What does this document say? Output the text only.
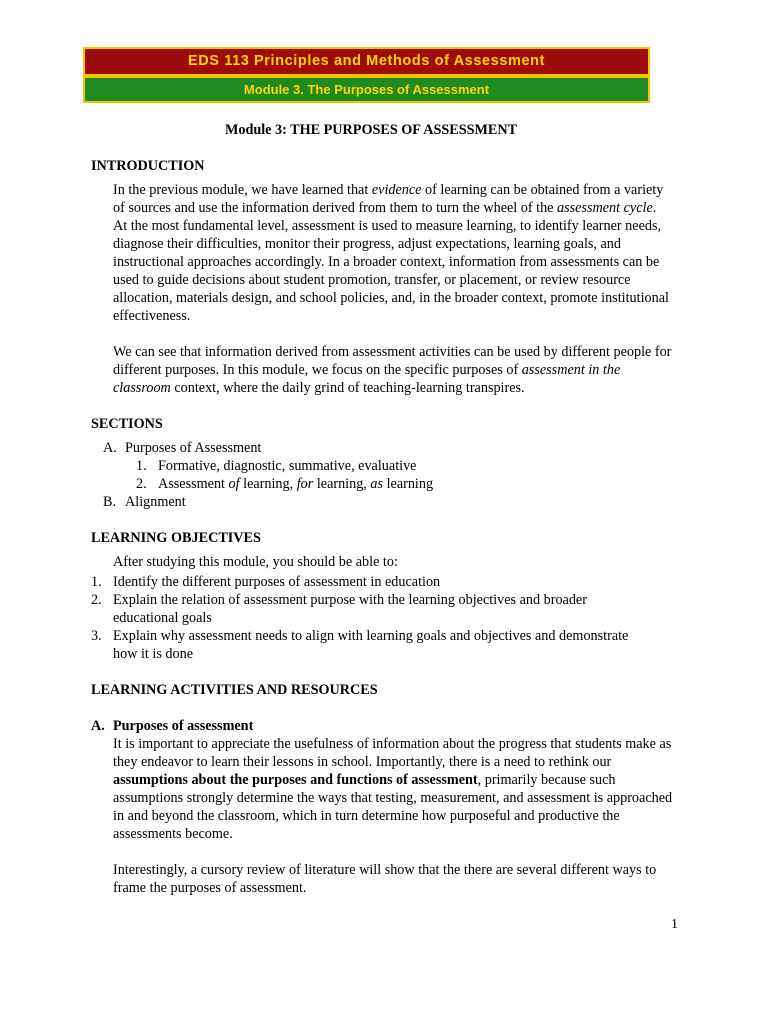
EDS 113 Principles and Methods of Assessment
Module 3. The Purposes of Assessment
Module 3: THE PURPOSES OF ASSESSMENT
INTRODUCTION
In the previous module, we have learned that evidence of learning can be obtained from a variety of sources and use the information derived from them to turn the wheel of the assessment cycle. At the most fundamental level, assessment is used to measure learning, to identify learner needs, diagnose their difficulties, monitor their progress, adjust expectations, learning goals, and instructional approaches accordingly. In a broader context, information from assessments can be used to guide decisions about student promotion, transfer, or placement, or review resource allocation, materials design, and school policies, and, in the broader context, promote institutional effectiveness.
We can see that information derived from assessment activities can be used by different people for different purposes. In this module, we focus on the specific purposes of assessment in the classroom context, where the daily grind of teaching-learning transpires.
SECTIONS
A. Purposes of Assessment
1. Formative, diagnostic, summative, evaluative
2. Assessment of learning, for learning, as learning
B. Alignment
LEARNING OBJECTIVES
After studying this module, you should be able to:
1. Identify the different purposes of assessment in education
2. Explain the relation of assessment purpose with the learning objectives and broader educational goals
3. Explain why assessment needs to align with learning goals and objectives and demonstrate how it is done
LEARNING ACTIVITIES AND RESOURCES
A. Purposes of assessment
It is important to appreciate the usefulness of information about the progress that students make as they endeavor to learn their lessons in school. Importantly, there is a need to rethink our assumptions about the purposes and functions of assessment, primarily because such assumptions strongly determine the ways that testing, measurement, and assessment is approached in and beyond the classroom, which in turn determine how purposeful and productive the assessments become.
Interestingly, a cursory review of literature will show that the there are several different ways to frame the purposes of assessment.
1
